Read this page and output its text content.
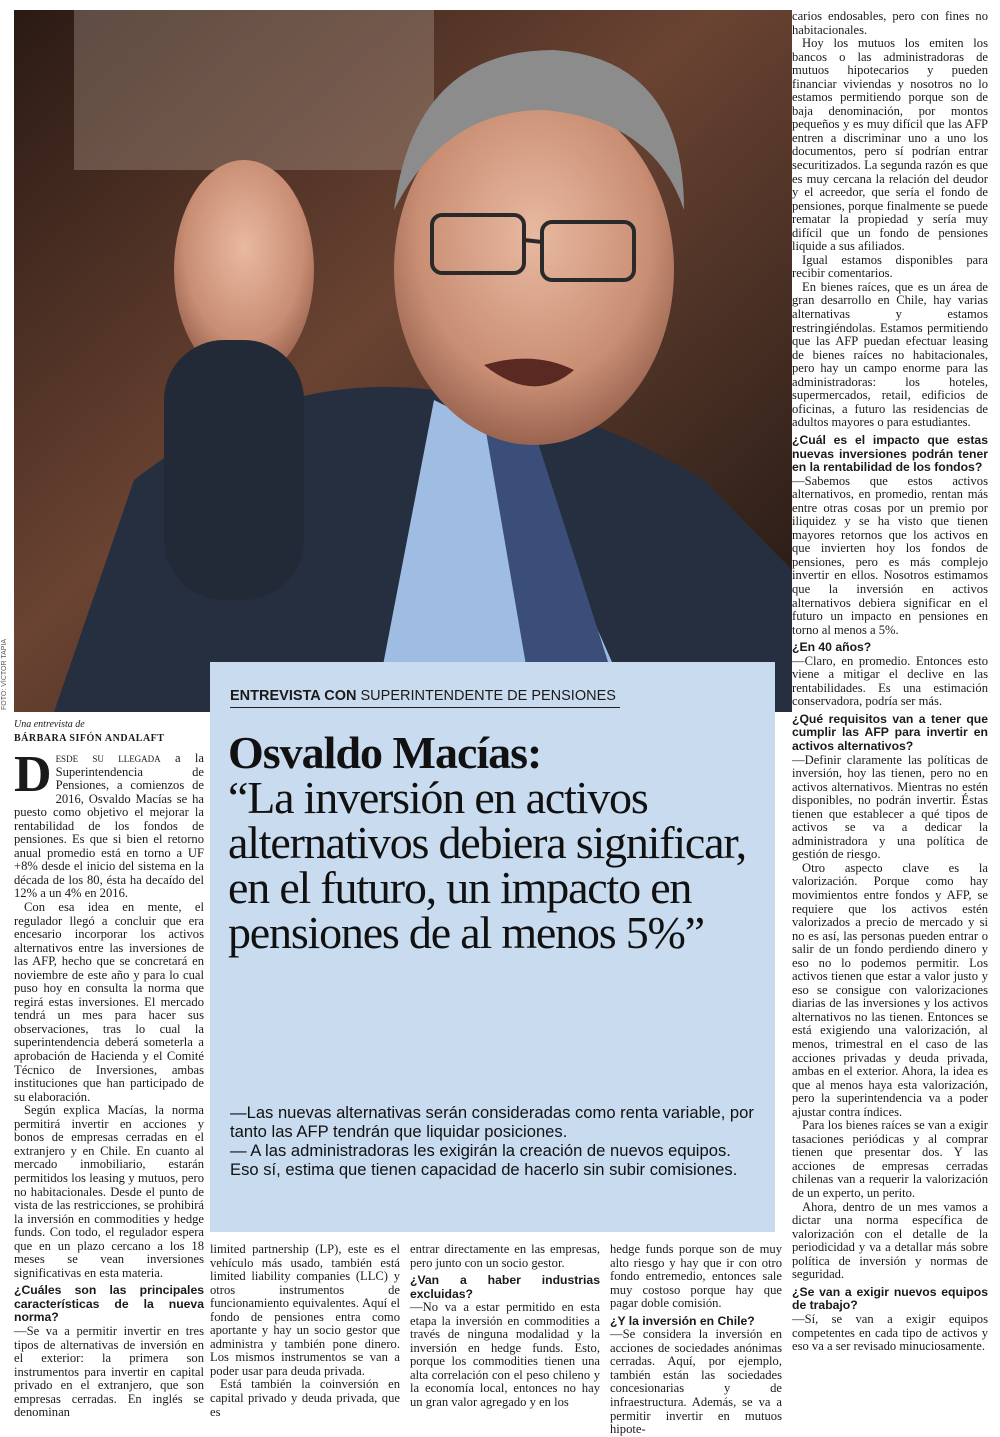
FOTO: VÍCTOR TAPIA	ENTREVISTA CON SUPERINTENDENTE DE PENSIONES
Osvaldo Macías:
“La inversión en activos alternativos debiera significar, en el futuro, un impacto en pensiones de al menos 5%”

—Las nuevas alternativas serán consideradas como renta variable, por tanto las AFP tendrán que liquidar posiciones.

— A las administradoras les exigirán la creación de nuevos equipos. Eso sí, estima que tienen capacidad de hacerlo sin subir comisiones.

Una entrevista de
BÁRBARA SIFÓN ANDALAFT

Desde su llegada a la Superintendencia de Pensiones, a comienzos de 2016, Osvaldo Macías se ha puesto como objetivo el mejorar la rentabilidad de los fondos de pensiones. Es que si bien el retorno anual promedio está en torno a UF +8% desde el inicio del sistema en la década de los 80, ésta ha decaído del 12% a un 4% en 2016.

Con esa idea en mente, el regulador llegó a concluir que era encesario incorporar los activos alternativos entre las inversiones de las AFP, hecho que se concretará en noviembre de este año y para lo cual puso hoy en consulta la norma que regirá estas inversiones. El mercado tendrá un mes para hacer sus observaciones, tras lo cual la superintendencia deberá someterla a aprobación de Hacienda y el Comité Técnico de Inversiones, ambas instituciones que han participado de su elaboración.

Según explica Macías, la norma permitirá invertir en acciones y bonos de empresas cerradas en el extranjero y en Chile. En cuanto al mercado inmobiliario, estarán permitidos los leasing y mutuos, pero no habitacionales. Desde el punto de vista de las restricciones, se prohibirá la inversión en commodities y hedge funds. Con todo, el regulador espera que en un plazo cercano a los 18 meses se vean inversiones significativas en esta materia.

¿Cuáles son las principales características de la nueva norma?

—Se va a permitir invertir en tres tipos de alternativas de inversión en el exterior: la primera son instrumentos para invertir en capital privado en el extranjero, que son empresas cerradas. En inglés se denominan

limited partnership (LP), este es el vehículo más usado, también está limited liability companies (LLC) y otros instrumentos de funcionamiento equivalentes. Aquí el fondo de pensiones entra como aportante y hay un socio gestor que administra y también pone dinero. Los mismos instrumentos se van a poder usar para deuda privada.

Está también la coinversión en capital privado y deuda privada, que es

entrar directamente en las empresas, pero junto con un socio gestor.

¿Van a haber industrias excluidas?

—No va a estar permitido en esta etapa la inversión en commodities a través de ninguna modalidad y la inversión en hedge funds. Esto, porque los commodities tienen una alta correlación con el peso chileno y la economía local, entonces no hay un gran valor agregado y en los

hedge funds porque son de muy alto riesgo y hay que ir con otro fondo entremedio, entonces sale muy costoso porque hay que pagar doble comisión.

¿Y la inversión en Chile?

—Se considera la inversión en acciones de sociedades anónimas cerradas. Aquí, por ejemplo, también están las sociedades concesionarias y de infraestructura. Además, se va a permitir invertir en mutuos hipote-

carios endosables, pero con fines no habitacionales.

Hoy los mutuos los emiten los bancos o las administradoras de mutuos hipotecarios y pueden financiar viviendas y nosotros no lo estamos permitiendo porque son de baja denominación, por montos pequeños y es muy difícil que las AFP entren a discriminar uno a uno los documentos, pero sí podrían entrar securitizados. La segunda razón es que es muy cercana la relación del deudor y el acreedor, que sería el fondo de pensiones, porque finalmente se puede rematar la propiedad y sería muy difícil que un fondo de pensiones liquide a sus afiliados.

Igual estamos disponibles para recibir comentarios.

En bienes raíces, que es un área de gran desarrollo en Chile, hay varias alternativas y estamos restringiéndolas. Estamos permitiendo que las AFP puedan efectuar leasing de bienes raíces no habitacionales, pero hay un campo enorme para las administradoras: los hoteles, supermercados, retail, edificios de oficinas, a futuro las residencias de adultos mayores o para estudiantes.

¿Cuál es el impacto que estas nuevas inversiones podrán tener en la rentabilidad de los fondos?

—Sabemos que estos activos alternativos, en promedio, rentan más entre otras cosas por un premio por iliquidez y se ha visto que tienen mayores retornos que los activos en que invierten hoy los fondos de pensiones, pero es más complejo invertir en ellos. Nosotros estimamos que la inversión en activos alternativos debiera significar en el futuro un impacto en pensiones en torno al menos a 5%.

¿En 40 años?

—Claro, en promedio. Entonces esto viene a mitigar el declive en las rentabilidades. Es una estimación conservadora, podría ser más.

¿Qué requisitos van a tener que cumplir las AFP para invertir en activos alternativos?

—Definir claramente las políticas de inversión, hoy las tienen, pero no en activos alternativos. Mientras no estén disponibles, no podrán invertir. Éstas tienen que establecer a qué tipos de activos se va a dedicar la administradora y una política de gestión de riesgo.

Otro aspecto clave es la valorización. Porque como hay movimientos entre fondos y AFP, se requiere que los activos estén valorizados a precio de mercado y si no es así, las personas pueden entrar o salir de un fondo perdiendo dinero y eso no lo podemos permitir. Los activos tienen que estar a valor justo y eso se consigue con valorizaciones diarias de las inversiones y los activos alternativos no las tienen. Entonces se está exigiendo una valorización, al menos, trimestral en el caso de las acciones privadas y deuda privada, ambas en el exterior. Ahora, la idea es que al menos haya esta valorización, pero la superintendencia va a poder ajustar contra índices.

Para los bienes raíces se van a exigir tasaciones periódicas y al comprar tienen que presentar dos. Y las acciones de empresas cerradas chilenas van a requerir la valorización de un experto, un perito.

Ahora, dentro de un mes vamos a dictar una norma específica de valorización con el detalle de la periodicidad y va a detallar más sobre política de inversión y normas de seguridad.

¿Se van a exigir nuevos equipos de trabajo?

—Sí, se van a exigir equipos competentes en cada tipo de activos y eso va a ser revisado minuciosamente.
